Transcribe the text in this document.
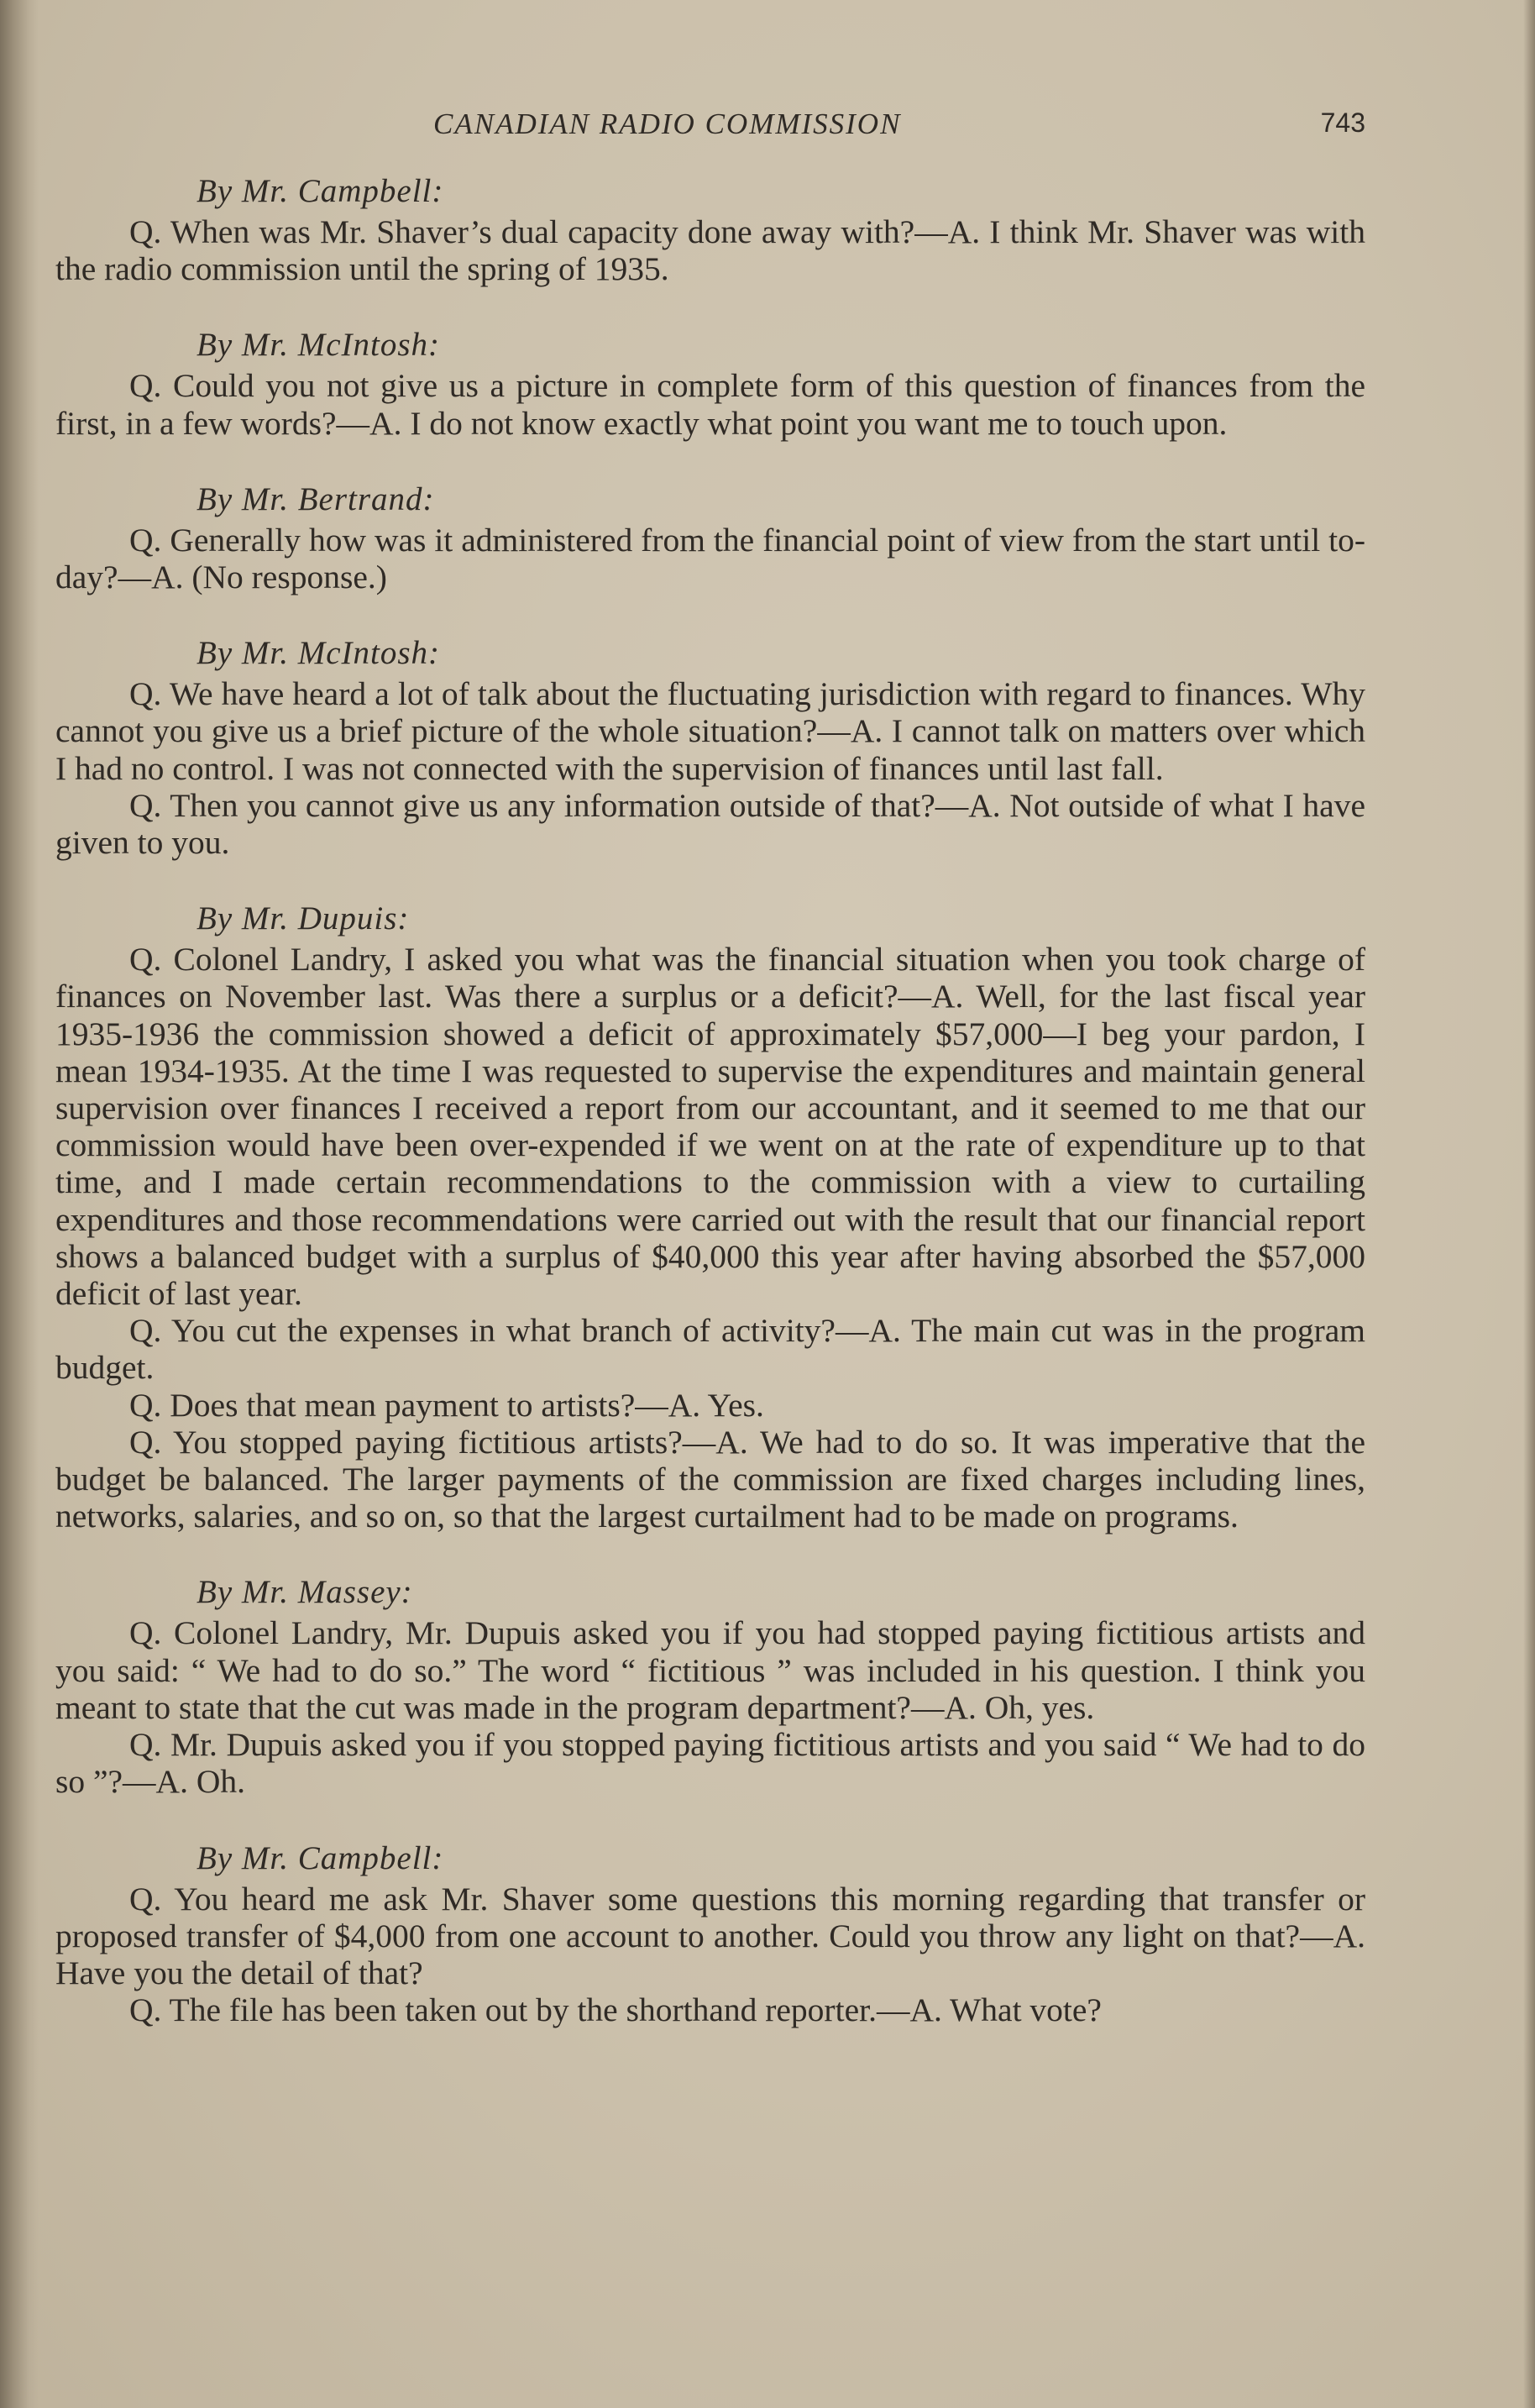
CANADIAN RADIO COMMISSION	743

By Mr. Campbell:

Q. When was Mr. Shaver’s dual capacity done away with?—A. I think Mr. Shaver was with the radio commission until the spring of 1935.

By Mr. McIntosh:

Q. Could you not give us a picture in complete form of this question of finances from the first, in a few words?—A. I do not know exactly what point you want me to touch upon.

By Mr. Bertrand:

Q. Generally how was it administered from the financial point of view from the start until to-day?—A. (No response.)

By Mr. McIntosh:

Q. We have heard a lot of talk about the fluctuating jurisdiction with regard to finances. Why cannot you give us a brief picture of the whole situation?—A. I cannot talk on matters over which I had no control. I was not connected with the supervision of finances until last fall.

Q. Then you cannot give us any information outside of that?—A. Not outside of what I have given to you.

By Mr. Dupuis:

Q. Colonel Landry, I asked you what was the financial situation when you took charge of finances on November last. Was there a surplus or a deficit?—A. Well, for the last fiscal year 1935-1936 the commission showed a deficit of approximately $57,000—I beg your pardon, I mean 1934-1935. At the time I was requested to supervise the expenditures and maintain general supervision over finances I received a report from our accountant, and it seemed to me that our commission would have been over-expended if we went on at the rate of expenditure up to that time, and I made certain recommendations to the commission with a view to curtailing expenditures and those recommendations were carried out with the result that our financial report shows a balanced budget with a surplus of $40,000 this year after having absorbed the $57,000 deficit of last year.

Q. You cut the expenses in what branch of activity?—A. The main cut was in the program budget.

Q. Does that mean payment to artists?—A. Yes.

Q. You stopped paying fictitious artists?—A. We had to do so. It was imperative that the budget be balanced. The larger payments of the commission are fixed charges including lines, networks, salaries, and so on, so that the largest curtailment had to be made on programs.

By Mr. Massey:

Q. Colonel Landry, Mr. Dupuis asked you if you had stopped paying fictitious artists and you said: “ We had to do so.” The word “ fictitious ” was included in his question. I think you meant to state that the cut was made in the program department?—A. Oh, yes.

Q. Mr. Dupuis asked you if you stopped paying fictitious artists and you said “ We had to do so ”?—A. Oh.

By Mr. Campbell:

Q. You heard me ask Mr. Shaver some questions this morning regarding that transfer or proposed transfer of $4,000 from one account to another. Could you throw any light on that?—A. Have you the detail of that?

Q. The file has been taken out by the shorthand reporter.—A. What vote?
